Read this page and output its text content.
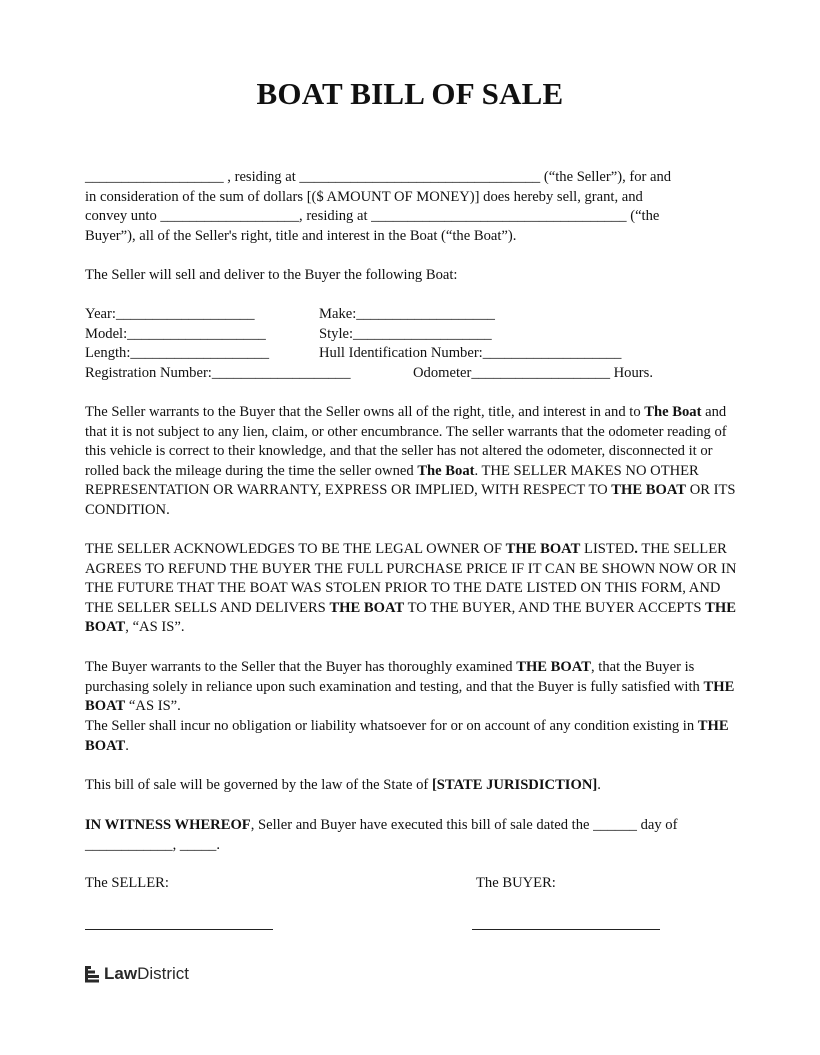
BOAT BILL OF SALE
___________________ , residing at _________________________________ (“the Seller”), for and
in consideration of the sum of dollars [($ AMOUNT OF MONEY)] does hereby sell, grant, and
convey unto ___________________, residing at ___________________________________ (“the
Buyer”), all of the Seller's right, title and interest in the Boat (“the Boat”).
The Seller will sell and deliver to the Buyer the following Boat:
Year:___________________	Make:___________________
Model:___________________	Style:___________________
Length:___________________	Hull Identification Number:___________________
Registration Number:___________________	Odometer___________________ Hours.

The Seller warrants to the Buyer that the Seller owns all of the right, title, and interest in and to The Boat and that it is not subject to any lien, claim, or other encumbrance. The seller warrants that the odometer reading of this vehicle is correct to their knowledge, and that the seller has not altered the odometer, disconnected it or rolled back the mileage during the time the seller owned The Boat. THE SELLER MAKES NO OTHER REPRESENTATION OR WARRANTY, EXPRESS OR IMPLIED, WITH RESPECT TO THE BOAT OR ITS CONDITION.

THE SELLER ACKNOWLEDGES TO BE THE LEGAL OWNER OF THE BOAT LISTED. THE SELLER AGREES TO REFUND THE BUYER THE FULL PURCHASE PRICE IF IT CAN BE SHOWN NOW OR IN THE FUTURE THAT THE BOAT WAS STOLEN PRIOR TO THE DATE LISTED ON THIS FORM, AND THE SELLER SELLS AND DELIVERS THE BOAT TO THE BUYER, AND THE BUYER ACCEPTS THE BOAT, “AS IS”.

The Buyer warrants to the Seller that the Buyer has thoroughly examined THE BOAT, that the Buyer is purchasing solely in reliance upon such examination and testing, and that the Buyer is fully satisfied with THE BOAT “AS IS”.

The Seller shall incur no obligation or liability whatsoever for or on account of any condition existing in THE BOAT.

This bill of sale will be governed by the law of the State of [STATE JURISDICTION].

IN WITNESS WHEREOF, Seller and Buyer have executed this bill of sale dated the ______ day of ____________, _____.

The SELLER:	The BUYER:
Law District
